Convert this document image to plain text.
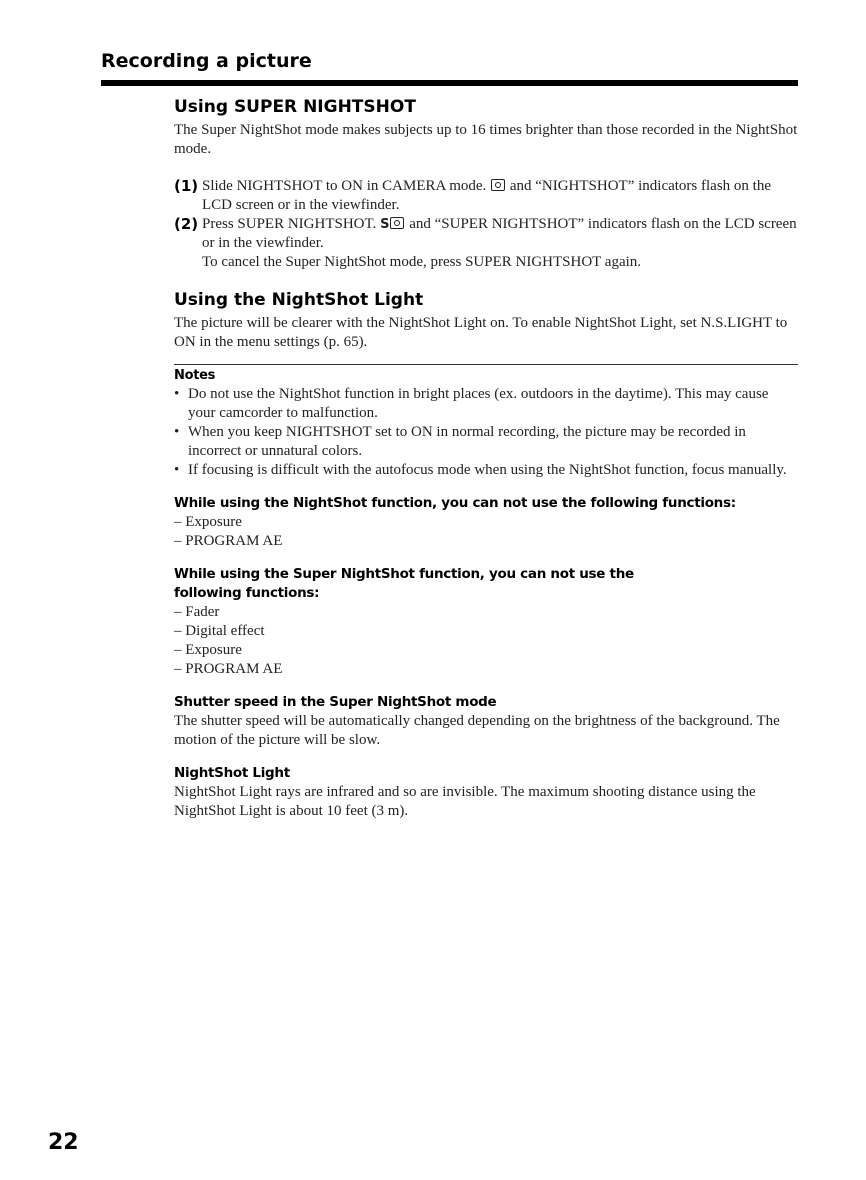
Recording a picture
Using SUPER NIGHTSHOT

The Super NightShot mode makes subjects up to 16 times brighter than those recorded in the NightShot mode.

(1) Slide NIGHTSHOT to ON in CAMERA mode. and “NIGHTSHOT” indicators flash on the LCD screen or in the viewfinder.
(2) Press SUPER NIGHTSHOT. S and “SUPER NIGHTSHOT” indicators flash on the LCD screen or in the viewfinder.
To cancel the Super NightShot mode, press SUPER NIGHTSHOT again.
Using the NightShot Light

The picture will be clearer with the NightShot Light on. To enable NightShot Light, set N.S.LIGHT to ON in the menu settings (p. 65).

Notes
• Do not use the NightShot function in bright places (ex. outdoors in the daytime). This may cause your camcorder to malfunction.
• When you keep NIGHTSHOT set to ON in normal recording, the picture may be recorded in incorrect or unnatural colors.
• If focusing is difficult with the autofocus mode when using the NightShot function, focus manually.
While using the NightShot function, you can not use the following functions:
– Exposure
– PROGRAM AE
While using the Super NightShot function, you can not use the following functions:
– Fader
– Digital effect
– Exposure
– PROGRAM AE
Shutter speed in the Super NightShot mode

The shutter speed will be automatically changed depending on the brightness of the background. The motion of the picture will be slow.

NightShot Light

NightShot Light rays are infrared and so are invisible. The maximum shooting distance using the NightShot Light is about 10 feet (3 m).

22
